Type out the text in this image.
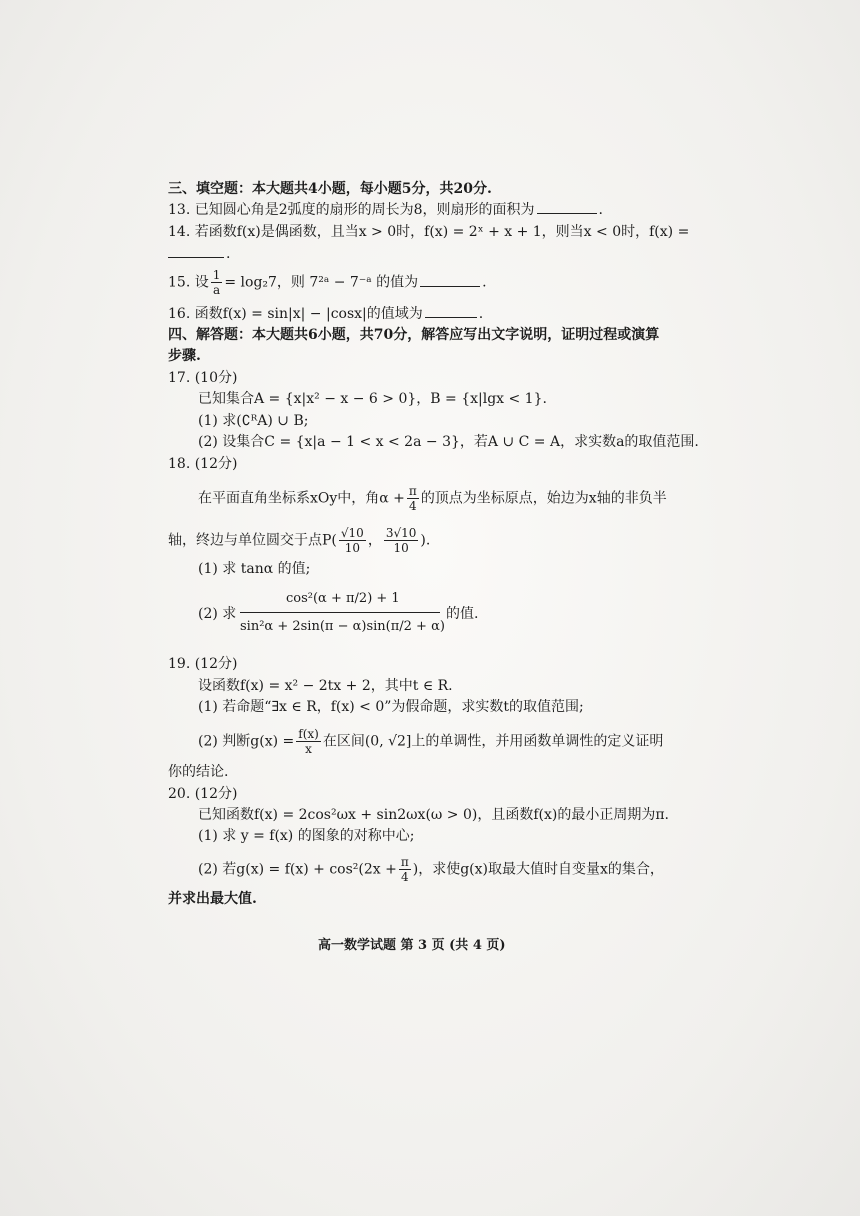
三、填空题：本大题共4小题，每小题5分，共20分.
13. 已知圆心角是2弧度的扇形的周长为8，则扇形的面积为	.
14. 若函数f(x)是偶函数，且当x > 0时，f(x) = 2ˣ + x + 1，则当x < 0时，f(x) =
.
15. 设 $\frac{1}{a} = \log_27$，则 7²ᵃ − 7⁻ᵃ 的值为	.
16. 函数f(x) = sin|x| − |cosx|的值域为	.
四、解答题：本大题共6小题，共70分，解答应写出文字说明，证明过程或演算
步骤.
17. (10分)
已知集合A = {x|x² − x − 6 > 0}，B = {x|lgx < 1}.
(1) 求(∁ᴿA) ∪ B;
(2) 设集合C = {x|a − 1 < x < 2a − 3}，若A ∪ C = A，求实数a的取值范围.
18. (12分)
在平面直角坐标系xOy中，角$\alpha + \frac{\pi}{4}$ 的顶点为坐标原点，始边为x轴的非负半
轴，终边与单位圆交于点$P( \frac{√10}{10}$ ， $\frac{3√10}{10}$ ).
(1) 求 tanα 的值;
(2) 求
cos²(α + π/2) + 1
sin²α + 2sin(π − α)sin(π/2 + α)
的值.
19. (12分)
设函数f(x) = x² − 2tx + 2，其中t ∈ R.
(1) 若命题“∃x ∈ R，f(x) < 0”为假命题，求实数t的取值范围;
(2) 判断$g(x) = \frac{f(x)}{x}$ 在区间(0, √2]上的单调性，并用函数单调性的定义证明
你的结论.
20. (12分)
已知函数f(x) = 2cos²ωx + sin2ωx(ω > 0)，且函数f(x)的最小正周期为π.
(1) 求 y = f(x) 的图象的对称中心;
(2) 若$g(x) = f(x) + \cos^2(2x + \frac{\pi}{4}$ )，求使g(x)取最大值时自变量x的集合，
并求出最大值.
高一数学试题 第 3 页 (共 4 页)
